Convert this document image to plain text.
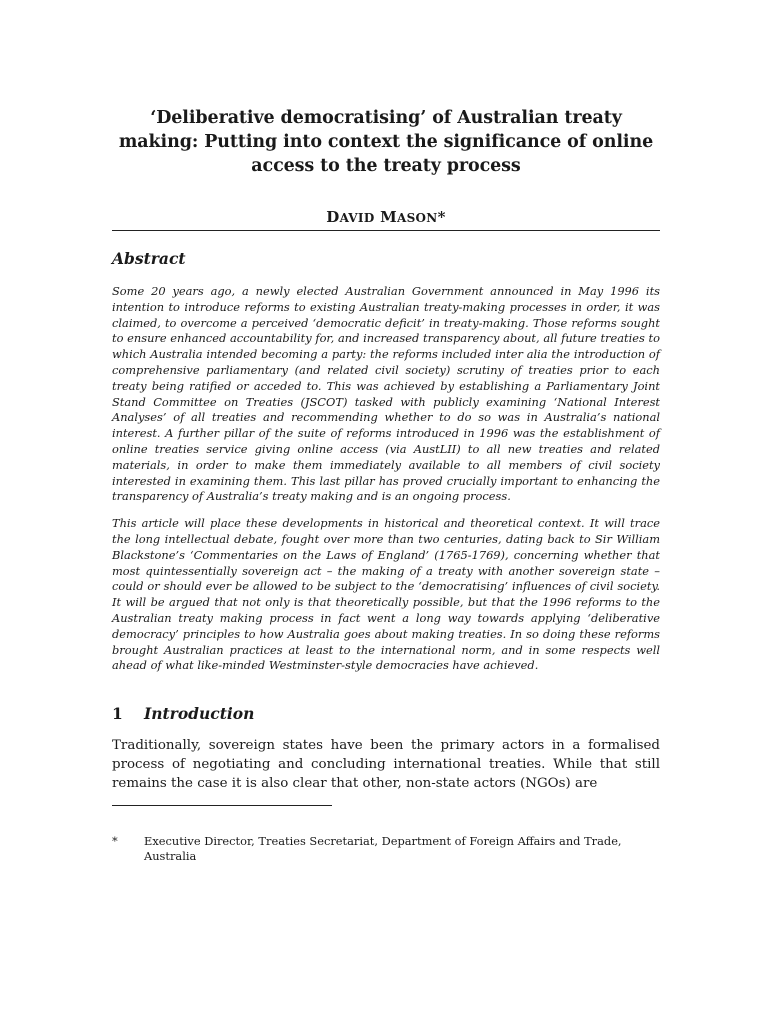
‘Deliberative democratising’ of Australian treaty
making: Putting into context the significance of online
access to the treaty process
DAVID MASON*
Abstract

Some 20 years ago, a newly elected Australian Government announced in May 1996 its intention to introduce reforms to existing Australian treaty-making processes in order, it was claimed, to overcome a perceived ‘democratic deficit’ in treaty-making. Those reforms sought to ensure enhanced accountability for, and increased transparency about, all future treaties to which Australia intended becoming a party: the reforms included inter alia the introduction of comprehensive parliamentary (and related civil society) scrutiny of treaties prior to each treaty being ratified or acceded to. This was achieved by establishing a Parliamentary Joint Stand Committee on Treaties (JSCOT) tasked with publicly examining ‘National Interest Analyses’ of all treaties and recommending whether to do so was in Australia’s national interest. A further pillar of the suite of reforms introduced in 1996 was the establishment of online treaties service giving online access (via AustLII) to all new treaties and related materials, in order to make them immediately available to all members of civil society interested in examining them. This last pillar has proved crucially important to enhancing the transparency of Australia’s treaty making and is an ongoing process.

This article will place these developments in historical and theoretical context. It will trace the long intellectual debate, fought over more than two centuries, dating back to Sir William Blackstone’s ‘Commentaries on the Laws of England’ (1765-1769), concerning whether that most quintessentially sovereign act – the making of a treaty with another sovereign state – could or should ever be allowed to be subject to the ‘democratising’ influences of civil society. It will be argued that not only is that theoretically possible, but that the 1996 reforms to the Australian treaty making process in fact went a long way towards applying ‘deliberative democracy’ principles to how Australia goes about making treaties. In so doing these reforms brought Australian practices at least to the international norm, and in some respects well ahead of what like-minded Westminster-style democracies have achieved.

1	Introduction

Traditionally, sovereign states have been the primary actors in a formalised process of negotiating and concluding international treaties. While that still remains the case it is also clear that other, non-state actors (NGOs) are

*	Executive Director, Treaties Secretariat, Department of Foreign Affairs and Trade, Australia
